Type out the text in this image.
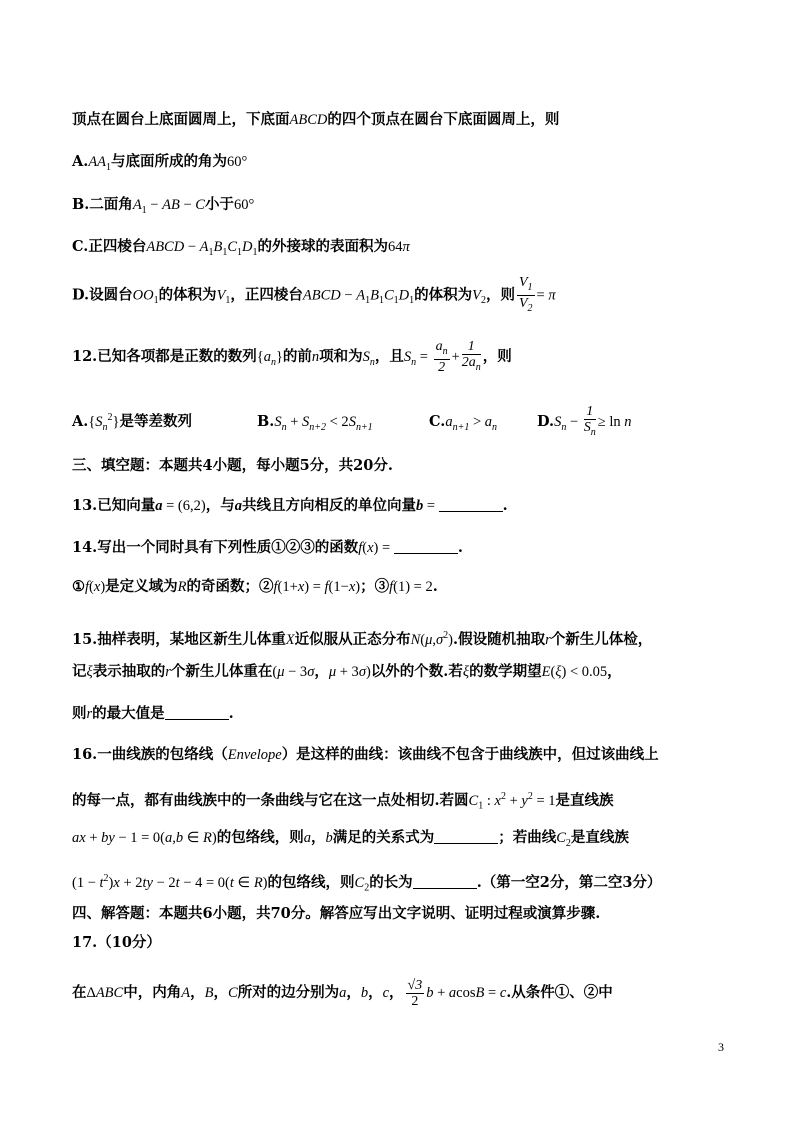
顶点在圆台上底面圆周上，下底面ABCD的四个顶点在圆台下底面圆周上，则
$A.AA_1$与底面所成的角为60°
B.二面角$A_1$ − AB − C小于60°
C.正四棱台ABCD − $A_1B_1C_1D_1$的外接球的表面积为64π
D.设圆台$OO_1$的体积为$V_1$，正四棱台ABCD − $A_1B_1C_1D_1$的体积为$V_2$，则 $\frac{V_1}{V_2} = \pi$
12.已知各项都是正数的数列$\{a_n\}$的前n项和为$S_n$，且$S_n = \frac{a_n}{2} + \frac{1}{2a_n}$ ，则
$A.\{S_n^2\}$是等差数列	$B.S_n + S_{n+2} < 2S_{n+1}$	$C.a_{n+1} > a_n$	$D.S_n - \frac{1}{S_n} \ge \ln n$
三、填空题：本题共4小题，每小题5分，共20分.
13.已知向量a = (6,2)，与a共线且方向相反的单位向量b =	.
14.写出一个同时具有下列性质①②③的函数f(x) =	.
①f(x)是定义域为R的奇函数；②f(1+x) = f(1−x)；③f(1) = 2.
15.抽样表明，某地区新生儿体重X近似服从正态分布$N(\mu,\sigma^2)$.假设随机抽取r个新生儿体检，
记ξ表示抽取的r个新生儿体重在(μ − 3σ，μ + 3σ)以外的个数.若ξ的数学期望E(ξ) < 0.05，
则r的最大值是	.
16.一曲线族的包络线（Envelope）是这样的曲线：该曲线不包含于曲线族中，但过该曲线上
的每一点，都有曲线族中的一条曲线与它在这一点处相切.若圆$C_1$ : $x^2 + y^2 = 1$是直线族
ax + by − 1 = 0(a,b ∈ R)的包络线，则a，b满足的关系式为	；若曲线$C_2$是直线族
$(1 - t^2)x + 2ty - 2t - 4 = 0(t$ ∈ R)的包络线，则$C_2$的长为	.（第一空2分，第二空3分）
四、解答题：本题共6小题，共70分。解答应写出文字说明、证明过程或演算步骤.
17.（10分）
在ΔABC中，内角A，B，C所对的边分别为a，b，c， $\frac{√3}{2}$ b + acosB = c.从条件①、②中
3
